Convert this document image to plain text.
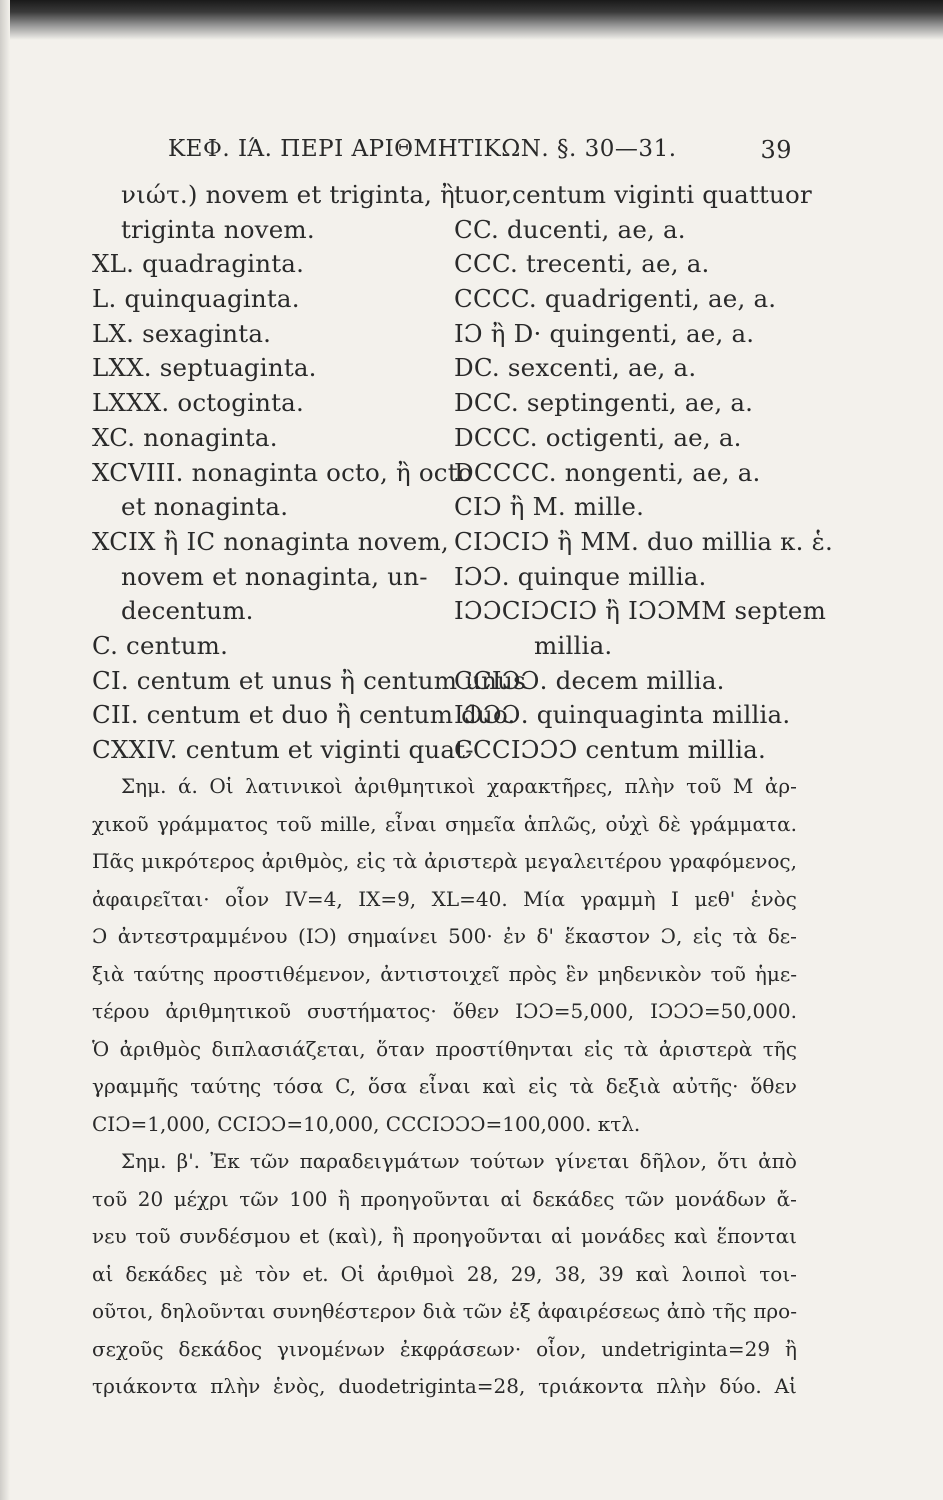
ΚΕΦ. ΙΆ. ΠΕΡΙ ΑΡΙΘΜΗΤΙΚΩΝ. §. 30—31.	39
νιώτ.) novem et triginta, ἢ
triginta novem.
XL. quadraginta.
L. quinquaginta.
LX. sexaginta.
LXX. septuaginta.
LXXX. octoginta.
XC. nonaginta.
XCVIII. nonaginta octo, ἢ octo
et nonaginta.
XCIX ἢ IC nonaginta novem,
novem et nonaginta, un-
decentum.
C. centum.
CI. centum et unus ἢ centum unus
CII. centum et duo ἢ centum duo.
CXXIV. centum et viginti quat-
tuor,centum viginti quattuor
CC. ducenti, ae, a.
CCC. trecenti, ae, a.
CCCC. quadrigenti, ae, a.
IƆ ἢ D· quingenti, ae, a.
DC. sexcenti, ae, a.
DCC. septingenti, ae, a.
DCCC. octigenti, ae, a.
DCCCC. nongenti, ae, a.
CIƆ ἢ M. mille.
CIƆCIƆ ἢ MM. duo millia κ. ἑ.
IƆƆ. quinque millia.
IƆƆCIƆCIƆ ἢ IƆƆMM septem
millia.
CCIƆƆ. decem millia.
IƆƆƆ. quinquaginta millia.
CCCIƆƆƆ centum millia.
Σημ. ά. Οἱ λατινικοὶ ἀριθμητικοὶ χαρακτῆρες, πλὴν τοῦ M ἀρ-
χικοῦ γράμματος τοῦ mille, εἶναι σημεῖα ἁπλῶς, οὐχὶ δὲ γράμματα.
Πᾶς μικρότερος ἀριθμὸς, εἰς τὰ ἀριστερὰ μεγαλειτέρου γραφόμενος,
ἀφαιρεῖται· οἷον IV=4, IX=9, XL=40. Μία γραμμὴ I μεθ' ἑνὸς
Ɔ ἀντεστραμμένου (IƆ) σημαίνει 500· ἐν δ' ἕκαστον Ɔ, εἰς τὰ δε-
ξιὰ ταύτης προστιθέμενον, ἀντιστοιχεῖ πρὸς ἓν μηδενικὸν τοῦ ἡμε-
τέρου ἀριθμητικοῦ συστήματος· ὅθεν IƆƆ=5,000, IƆƆƆ=50,000.
Ὁ ἀριθμὸς διπλασιάζεται, ὅταν προστίθηνται εἰς τὰ ἀριστερὰ τῆς
γραμμῆς ταύτης τόσα C, ὅσα εἶναι καὶ εἰς τὰ δεξιὰ αὐτῆς· ὅθεν
CIƆ=1,000, CCIƆƆ=10,000, CCCIƆƆƆ=100,000. κτλ.
Σημ. β'. Ἐκ τῶν παραδειγμάτων τούτων γίνεται δῆλον, ὅτι ἀπὸ
τοῦ 20 μέχρι τῶν 100 ἢ προηγοῦνται αἱ δεκάδες τῶν μονάδων ἄ-
νευ τοῦ συνδέσμου et (καὶ), ἢ προηγοῦνται αἱ μονάδες καὶ ἕπονται
αἱ δεκάδες μὲ τὸν et. Οἱ ἀριθμοὶ 28, 29, 38, 39 καὶ λοιποὶ τοι-
οῦτοι, δηλοῦνται συνηθέστερον διὰ τῶν ἐξ ἀφαιρέσεως ἀπὸ τῆς προ-
σεχοῦς δεκάδος γινομένων ἐκφράσεων· οἷον, undetriginta=29 ἢ
τριάκοντα πλὴν ἑνὸς, duodetriginta=28, τριάκοντα πλὴν δύο. Αἱ
